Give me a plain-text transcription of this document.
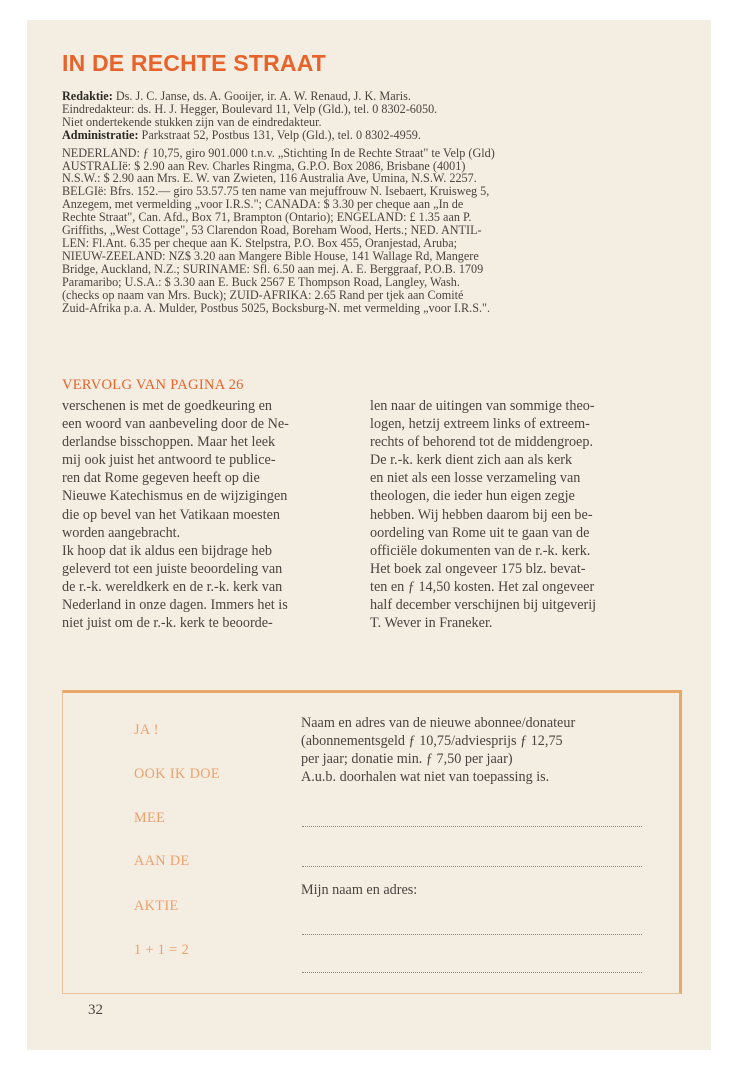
IN DE RECHTE STRAAT

Redaktie: Ds. J. C. Janse, ds. A. Gooijer, ir. A. W. Renaud, J. K. Maris.

Eindredakteur: ds. H. J. Hegger, Boulevard 11, Velp (Gld.), tel. 0 8302-6050.

Niet ondertekende stukken zijn van de eindredakteur.

Administratie: Parkstraat 52, Postbus 131, Velp (Gld.), tel. 0 8302-4959.

NEDERLAND: ƒ 10,75, giro 901.000 t.n.v. „Stichting In de Rechte Straat" te Velp (Gld)

AUSTRALIë: $ 2.90 aan Rev. Charles Ringma, G.P.O. Box 2086, Brisbane (4001)

N.S.W.: $ 2.90 aan Mrs. E. W. van Zwieten, 116 Australia Ave, Umina, N.S.W. 2257.

BELGIë: Bfrs. 152.— giro 53.57.75 ten name van mejuffrouw N. Isebaert, Kruisweg 5,

Anzegem, met vermelding „voor I.R.S."; CANADA: $ 3.30 per cheque aan „In de

Rechte Straat", Can. Afd., Box 71, Brampton (Ontario); ENGELAND: £ 1.35 aan P.

Griffiths, „West Cottage", 53 Clarendon Road, Boreham Wood, Herts.; NED. ANTIL-

LEN: Fl.Ant. 6.35 per cheque aan K. Stelpstra, P.O. Box 455, Oranjestad, Aruba;

NIEUW-ZEELAND: NZ$ 3.20 aan Mangere Bible House, 141 Wallage Rd, Mangere

Bridge, Auckland, N.Z.; SURINAME: Sfl. 6.50 aan mej. A. E. Berggraaf, P.O.B. 1709

Paramaribo; U.S.A.: $ 3.30 aan E. Buck 2567 E Thompson Road, Langley, Wash.

(checks op naam van Mrs. Buck); ZUID-AFRIKA: 2.65 Rand per tjek aan Comité

Zuid-Afrika p.a. A. Mulder, Postbus 5025, Bocksburg-N. met vermelding „voor I.R.S.".

VERVOLG VAN PAGINA 26

verschenen is met de goedkeuring en

een woord van aanbeveling door de Ne-

derlandse bisschoppen. Maar het leek

mij ook juist het antwoord te publice-

ren dat Rome gegeven heeft op die

Nieuwe Katechismus en de wijzigingen

die op bevel van het Vatikaan moesten

worden aangebracht.

Ik hoop dat ik aldus een bijdrage heb

geleverd tot een juiste beoordeling van

de r.-k. wereldkerk en de r.-k. kerk van

Nederland in onze dagen. Immers het is

niet juist om de r.-k. kerk te beoorde-

len naar de uitingen van sommige theo-

logen, hetzij extreem links of extreem-

rechts of behorend tot de middengroep.

De r.-k. kerk dient zich aan als kerk

en niet als een losse verzameling van

theologen, die ieder hun eigen zegje

hebben. Wij hebben daarom bij een be-

oordeling van Rome uit te gaan van de

officiële dokumenten van de r.-k. kerk.

Het boek zal ongeveer 175 blz. bevat-

ten en ƒ 14,50 kosten. Het zal ongeveer

half december verschijnen bij uitgeverij

T. Wever in Franeker.

JA !
OOK IK DOE
MEE
AAN DE
AKTIE
1 + 1 = 2

Naam en adres van de nieuwe abonnee/donateur

(abonnementsgeld ƒ 10,75/adviesprijs ƒ 12,75

per jaar; donatie min. ƒ 7,50 per jaar)

A.u.b. doorhalen wat niet van toepassing is.

Mijn naam en adres:
32
